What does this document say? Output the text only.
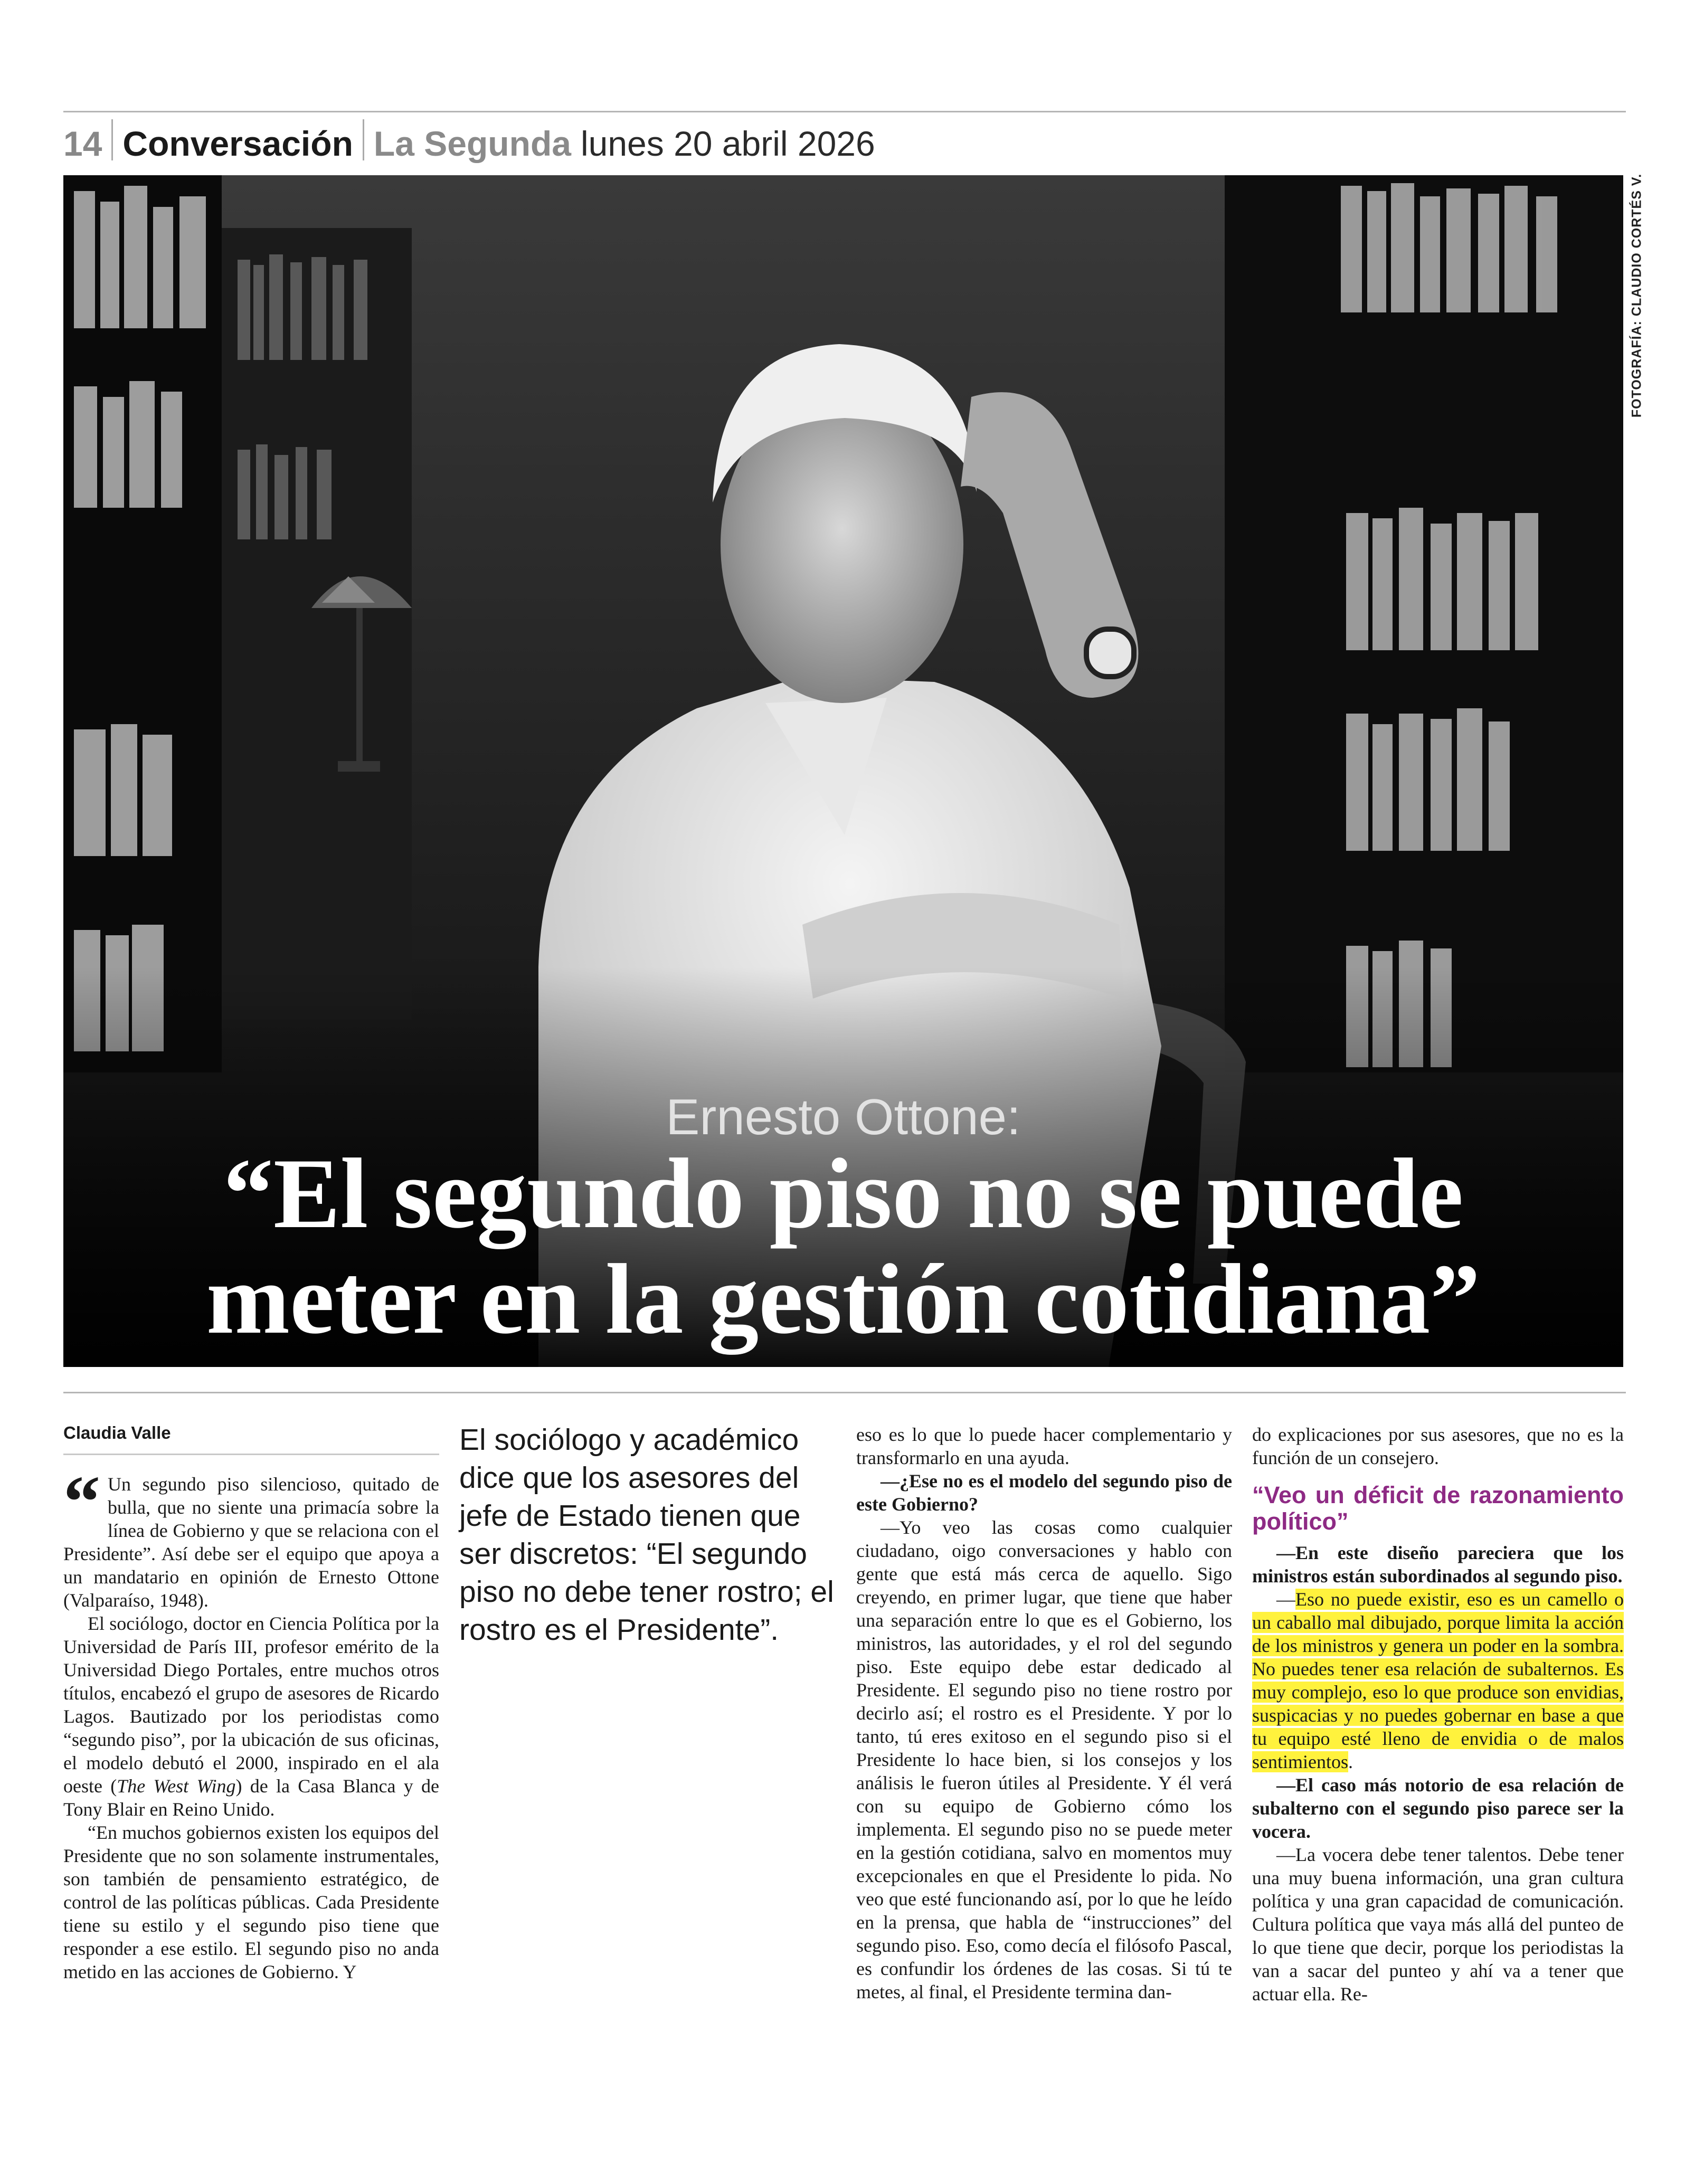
14 Conversación La Segunda lunes 20 abril 2026
Ernesto Ottone:
“El segundo piso no se puede
meter en la gestión cotidiana”
FOTOGRAFÍA: CLAUDIO CORTÉS V.
Claudia Valle

“ Un segundo piso silencioso, quitado de bulla, que no siente una primacía sobre la línea de Gobierno y que se relaciona con el Presidente”. Así debe ser el equipo que apoya a un mandatario en opinión de Ernesto Ottone (Valparaíso, 1948).

El sociólogo, doctor en Ciencia Política por la Universidad de París III, profesor emérito de la Universidad Diego Portales, entre muchos otros títulos, encabezó el grupo de asesores de Ricardo Lagos. Bautizado por los periodistas como “segundo piso”, por la ubicación de sus oficinas, el modelo debutó el 2000, inspirado en el ala oeste (The West Wing) de la Casa Blanca y de Tony Blair en Reino Unido.

“En muchos gobiernos existen los equipos del Presidente que no son solamente instrumentales, son también de pensamiento estratégico, de control de las políticas públicas. Cada Presidente tiene su estilo y el segundo piso tiene que responder a ese estilo. El segundo piso no anda metido en las acciones de Gobierno. Y

El sociólogo y académico dice que los asesores del jefe de Estado tienen que ser discretos: “El segundo piso no debe tener rostro; el rostro es el Presidente”.

eso es lo que lo puede hacer complementario y transformarlo en una ayuda.

—¿Ese no es el modelo del segundo piso de este Gobierno?

—Yo veo las cosas como cualquier ciudadano, oigo conversaciones y hablo con gente que está más cerca de aquello. Sigo creyendo, en primer lugar, que tiene que haber una separación entre lo que es el Gobierno, los ministros, las autoridades, y el rol del segundo piso. Este equipo debe estar dedicado al Presidente. El segundo piso no tiene rostro por decirlo así; el rostro es el Presidente. Y por lo tanto, tú eres exitoso en el segundo piso si el Presidente lo hace bien, si los consejos y los análisis le fueron útiles al Presidente. Y él verá con su equipo de Gobierno cómo los implementa. El segundo piso no se puede meter en la gestión cotidiana, salvo en momentos muy excepcionales en que el Presidente lo pida. No veo que esté funcionando así, por lo que he leído en la prensa, que habla de “instrucciones” del segundo piso. Eso, como decía el filósofo Pascal, es confundir los órdenes de las cosas. Si tú te metes, al final, el Presidente termina dan-

do explicaciones por sus asesores, que no es la función de un consejero.

“Veo un déficit de razonamiento político”

—En este diseño pareciera que los ministros están subordinados al segundo piso.

—Eso no puede existir, eso es un camello o un caballo mal dibujado, porque limita la acción de los ministros y genera un poder en la sombra. No puedes tener esa relación de subalternos. Es muy complejo, eso lo que produce son envidias, suspicacias y no puedes gobernar en base a que tu equipo esté lleno de envidia o de malos sentimientos.

—El caso más notorio de esa relación de subalterno con el segundo piso parece ser la vocera.

—La vocera debe tener talentos. Debe tener una muy buena información, una gran cultura política y una gran capacidad de comunicación. Cultura política que vaya más allá del punteo de lo que tiene que decir, porque los periodistas la van a sacar del punteo y ahí va a tener que actuar ella. Re-
